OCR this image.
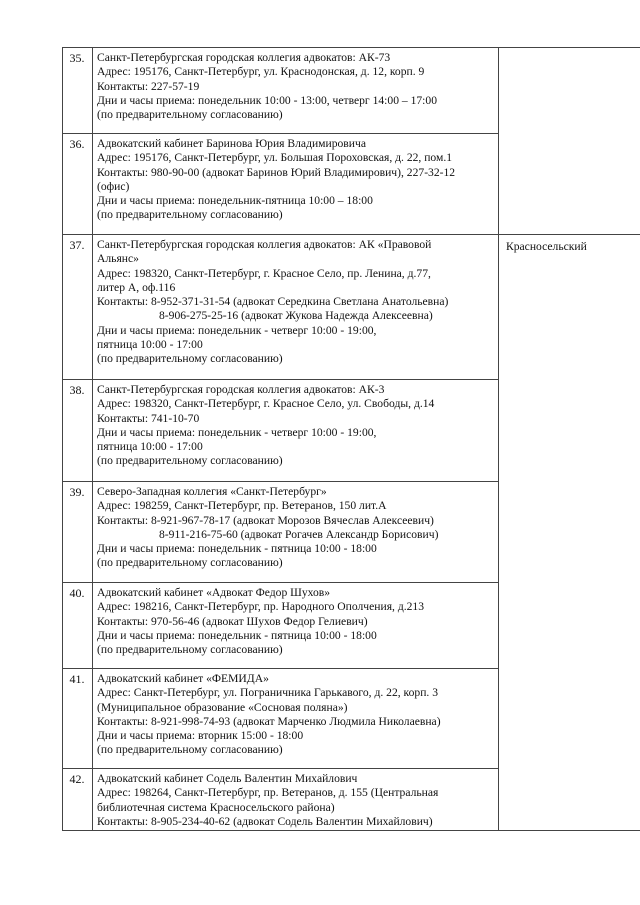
35.
36.
37.
38.
39.
40.
41.
42.
Санкт-Петербургская городская коллегия адвокатов: АК-73
Адрес: 195176, Санкт-Петербург, ул. Краснодонская, д. 12, корп. 9
Контакты: 227-57-19
Дни и часы приема: понедельник 10:00 - 13:00, четверг 14:00 – 17:00
(по предварительному согласованию)
Адвокатский кабинет Баринова Юрия Владимировича
Адрес: 195176, Санкт-Петербург, ул. Большая Пороховская, д. 22, пом.1
Контакты: 980-90-00 (адвокат Баринов Юрий Владимирович), 227-32-12
(офис)
Дни и часы приема: понедельник-пятница 10:00 – 18:00
(по предварительному согласованию)
Санкт-Петербургская городская коллегия адвокатов: АК «Правовой
Альянс»
Адрес: 198320, Санкт-Петербург, г. Красное Село, пр. Ленина, д.77,
литер А, оф.116
Контакты: 8-952-371-31-54 (адвокат Середкина Светлана Анатольевна)
8-906-275-25-16 (адвокат Жукова Надежда Алексеевна)
Дни и часы приема: понедельник - четверг 10:00 - 19:00,
пятница 10:00 - 17:00
(по предварительному согласованию)
Санкт-Петербургская городская коллегия адвокатов: АК-3
Адрес: 198320, Санкт-Петербург, г. Красное Село, ул. Свободы, д.14
Контакты: 741-10-70
Дни и часы приема: понедельник - четверг 10:00 - 19:00,
пятница 10:00 - 17:00
(по предварительному согласованию)
Северо-Западная коллегия «Санкт-Петербург»
Адрес: 198259, Санкт-Петербург, пр. Ветеранов, 150 лит.А
Контакты: 8-921-967-78-17 (адвокат Морозов Вячеслав Алексеевич)
8-911-216-75-60 (адвокат Рогачев Александр Борисович)
Дни и часы приема: понедельник - пятница 10:00 - 18:00
(по предварительному согласованию)
Адвокатский кабинет «Адвокат Федор Шухов»
Адрес: 198216, Санкт-Петербург, пр. Народного Ополчения, д.213
Контакты: 970-56-46 (адвокат Шухов Федор Гелиевич)
Дни и часы приема: понедельник - пятница 10:00 - 18:00
(по предварительному согласованию)
Адвокатский кабинет «ФЕМИДА»
Адрес: Санкт-Петербург, ул. Пограничника Гарькавого, д. 22, корп. 3
(Муниципальное образование «Сосновая поляна»)
Контакты: 8-921-998-74-93 (адвокат Марченко Людмила Николаевна)
Дни и часы приема: вторник 15:00 - 18:00
(по предварительному согласованию)
Адвокатский кабинет Содель Валентин Михайлович
Адрес: 198264, Санкт-Петербург, пр. Ветеранов, д. 155 (Центральная
библиотечная система Красносельского района)
Контакты: 8-905-234-40-62 (адвокат Содель Валентин Михайлович)
Красносельский
